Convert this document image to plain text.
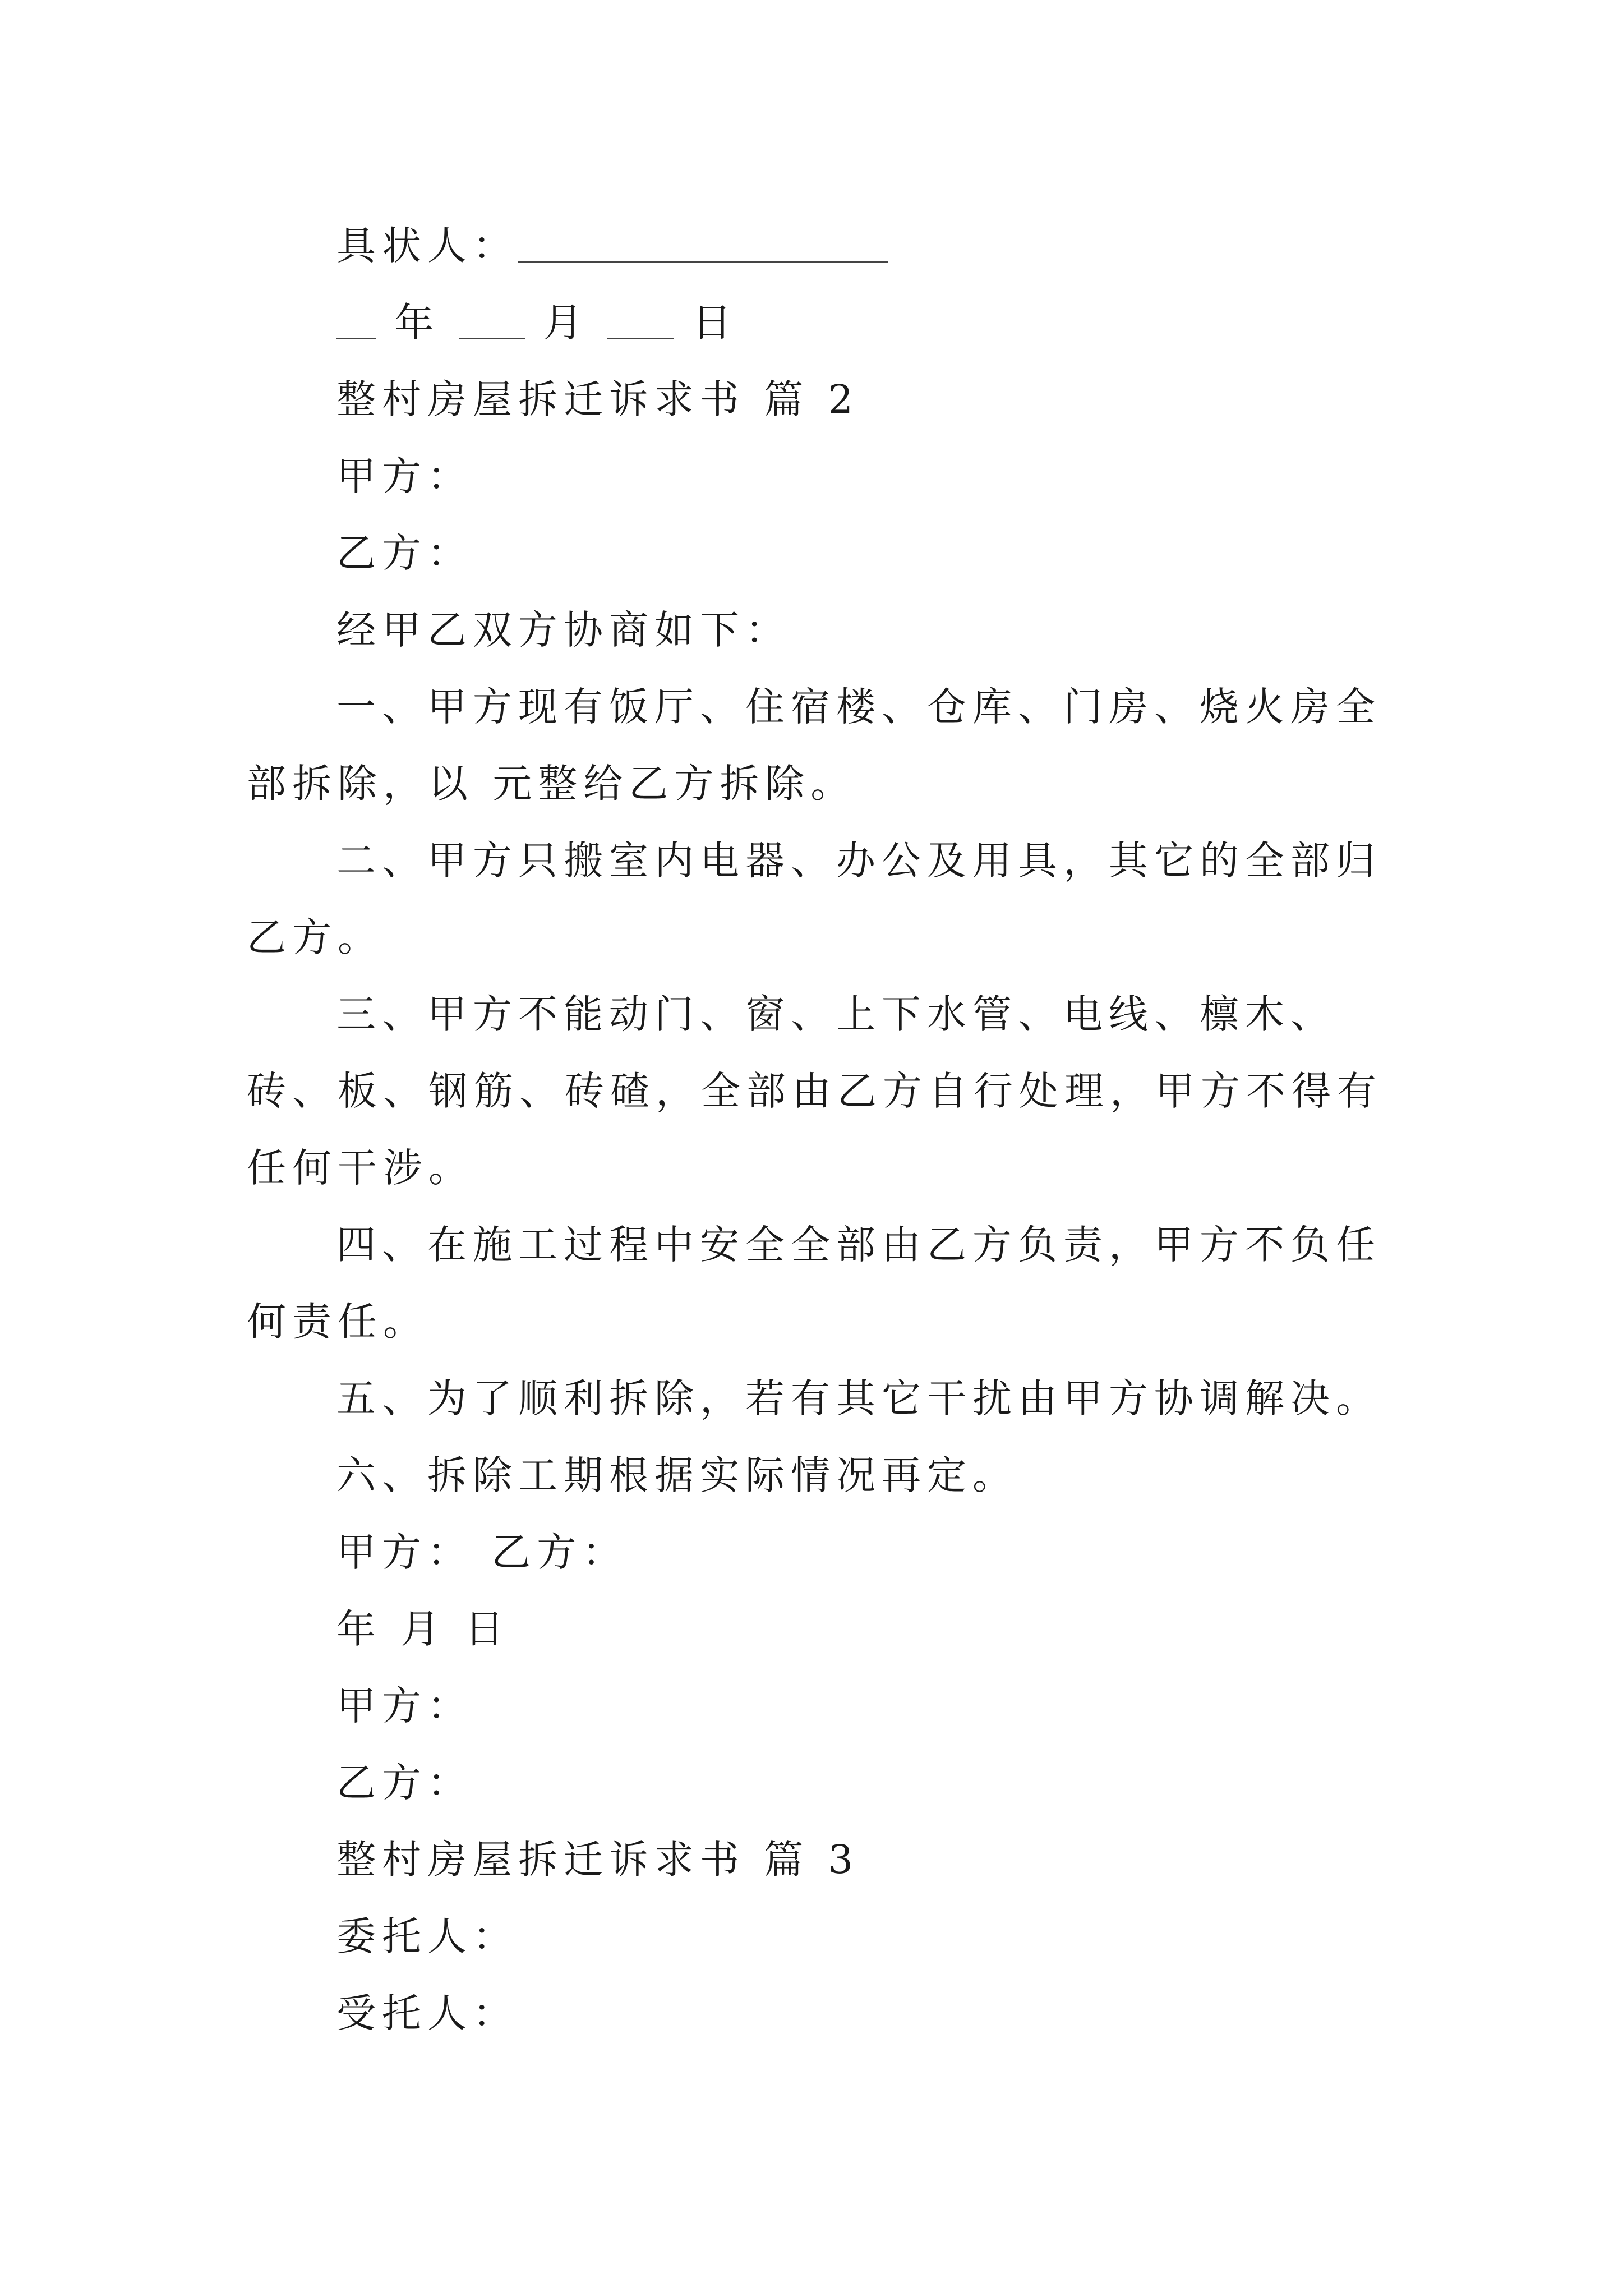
具状人：
年	月	日
整村房屋拆迁诉求书 篇 2
甲方：
乙方：
经甲乙双方协商如下：
一、甲方现有饭厅、住宿楼、仓库、门房、烧火房全部拆除，以 元整给乙方拆除。
二、甲方只搬室内电器、办公及用具，其它的全部归乙方。
三、甲方不能动门、窗、上下水管、电线、檩木、砖、板、钢筋、砖碴，全部由乙方自行处理，甲方不得有任何干涉。
四、在施工过程中安全全部由乙方负责，甲方不负任何责任。
五、为了顺利拆除，若有其它干扰由甲方协调解决。
六、拆除工期根据实际情况再定。
甲方： 乙方：
年 月 日
甲方：
乙方：
整村房屋拆迁诉求书 篇 3
委托人：
受托人：
